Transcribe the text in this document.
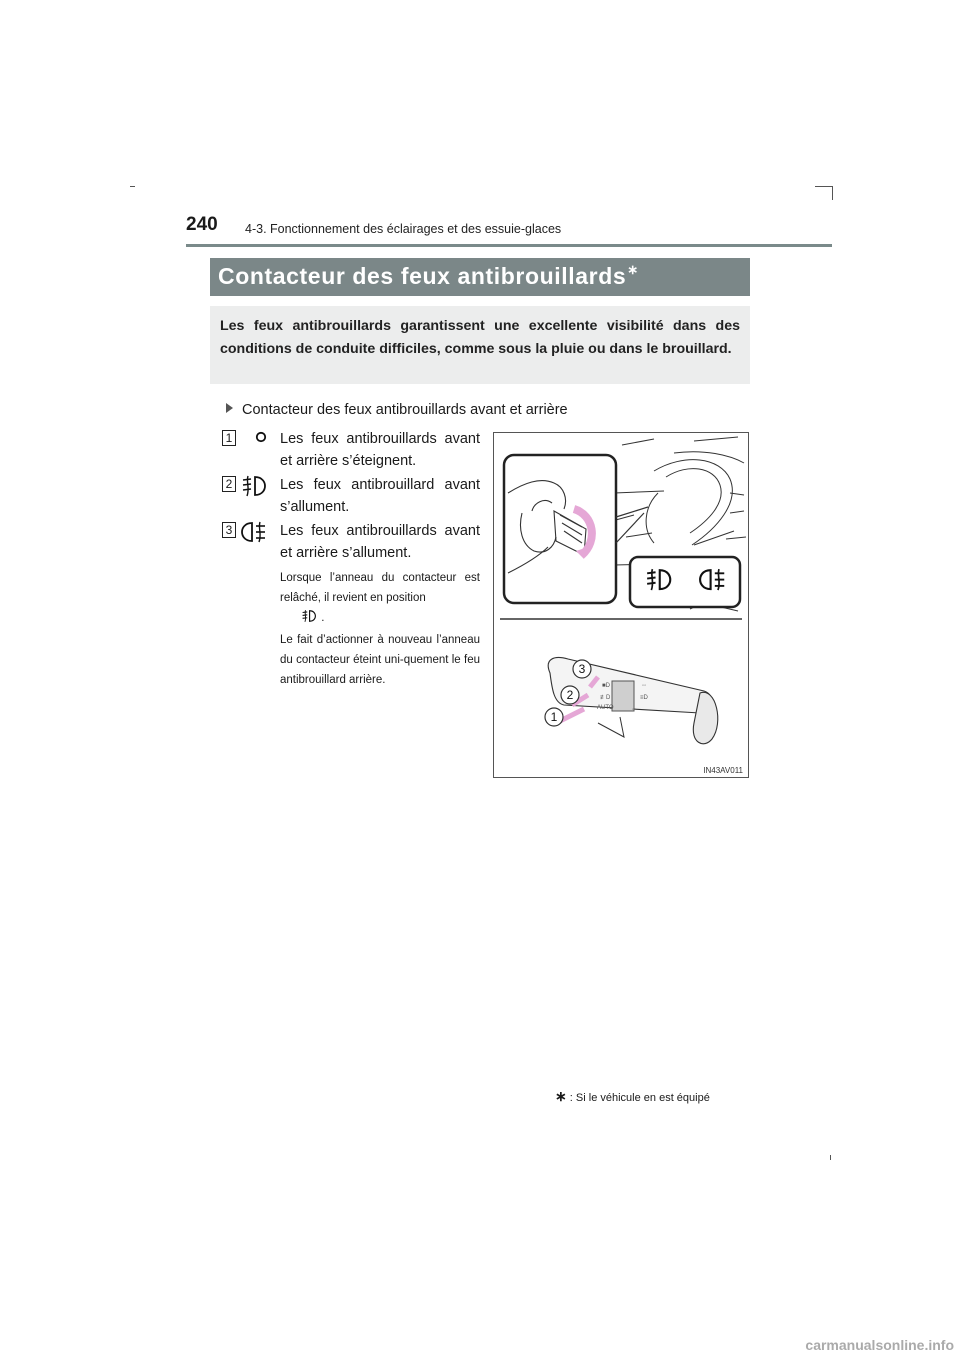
240 4-3. Fonctionnement des éclairages et des essuie-glaces
Contacteur des feux antibrouillards∗
Les feux antibrouillards garantissent une excellente visibilité dans des conditions de conduite difficiles, comme sous la pluie ou dans le brouillard.
Contacteur des feux antibrouillards avant et arrière
1	Les feux antibrouillards avant et arrière s’éteignent.
2	Les feux antibrouillard avant s’allument.
3	Les feux antibrouillards avant et arrière s’allument.
Lorsque l’anneau du contacteur est relâché, il revient en position
.
Le fait d’actionner à nouveau l’anneau du contacteur éteint uni-quement le feu antibrouillard arrière.	■D
≢D
◦◦
≡D
◦
AUTO
3
2
1
IN43AV011
∗ : Si le véhicule en est équipé
carmanualsonline.info
